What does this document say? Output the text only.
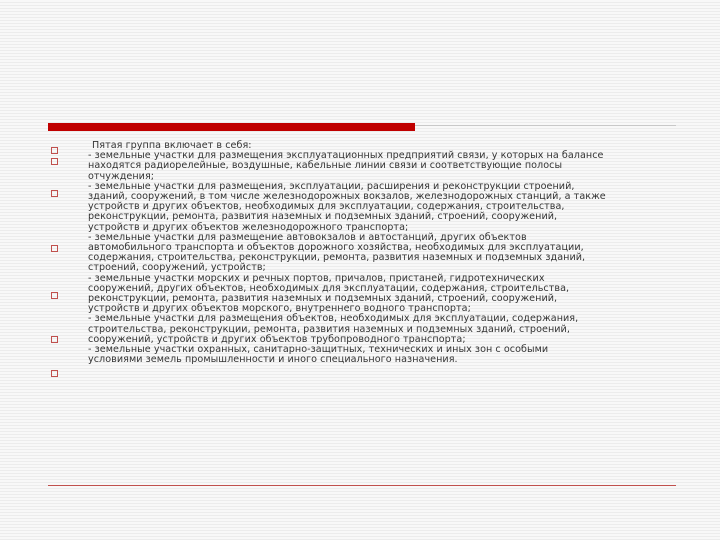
Пятая группа включает в себя:
- земельные участки для размещения эксплуатационных предприятий связи, у которых на балансе
находятся радиорелейные, воздушные, кабельные линии связи и соответствующие полосы
отчуждения;
- земельные участки для размещения, эксплуатации, расширения и реконструкции строений,
зданий, сооружений, в том числе железнодорожных вокзалов, железнодорожных станций, а также
устройств и других объектов, необходимых для эксплуатации, содержания, строительства,
реконструкции, ремонта, развития наземных и подземных зданий, строений, сооружений,
устройств и других объектов железнодорожного транспорта;
- земельные участки для размещение автовокзалов и автостанций, других объектов
автомобильного транспорта и объектов дорожного хозяйства, необходимых для эксплуатации,
содержания, строительства, реконструкции, ремонта, развития наземных и подземных зданий,
строений, сооружений, устройств;
- земельные участки морских и речных портов, причалов, пристаней, гидротехнических
сооружений, других объектов, необходимых для эксплуатации, содержания, строительства,
реконструкции, ремонта, развития наземных и подземных зданий, строений, сооружений,
устройств и других объектов морского, внутреннего водного транспорта;
- земельные участки для размещения объектов, необходимых для эксплуатации, содержания,
строительства, реконструкции, ремонта, развития наземных и подземных зданий, строений,
сооружений, устройств и других объектов трубопроводного транспорта;
- земельные участки охранных, санитарно-защитных, технических и иных зон с особыми
условиями земель промышленности и иного специального назначения.
